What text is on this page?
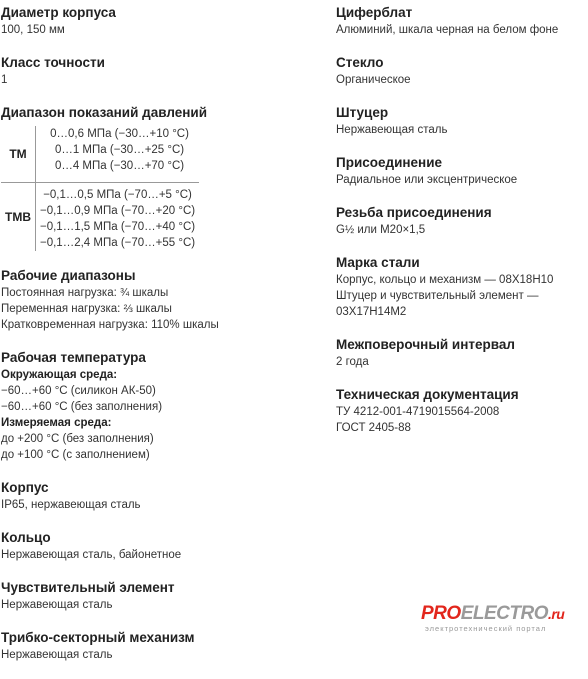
Диаметр корпуса
100, 150 мм
Класс точности
1
Диапазон показаний давлений
ТМ	0…0,6 МПа (−30…+10 °С)
0…1 МПа (−30…+25 °С)
0…4 МПа (−30…+70 °С)

ТМВ	−0,1…0,5 МПа (−70…+5 °С)
−0,1…0,9 МПа (−70…+20 °С)
−0,1…1,5 МПа (−70…+40 °С)
−0,1…2,4 МПа (−70…+55 °С)
Рабочие диапазоны
Постоянная нагрузка: ¾ шкалы
Переменная нагрузка: ⅔ шкалы
Кратковременная нагрузка: 110% шкалы
Рабочая температура
Окружающая среда:
−60…+60 °С (силикон АК-50)
−60…+60 °С (без заполнения)
Измеряемая среда:
до +200 °С (без заполнения)
до +100 °С (с заполнением)
Корпус
IP65, нержавеющая сталь
Кольцо
Нержавеющая сталь, байонетное
Чувствительный элемент
Нержавеющая сталь
Трибко-секторный механизм
Нержавеющая сталь
Циферблат
Алюминий, шкала черная на белом фоне
Стекло
Органическое
Штуцер
Нержавеющая сталь
Присоединение
Радиальное или эксцентрическое
Резьба присоединения
G½ или М20×1,5
Марка стали
Корпус, кольцо и механизм — 08Х18Н10
Штуцер и чувствительный элемент —
03Х17Н14М2
Межповерочный интервал
2 года
Техническая документация
ТУ 4212-001-4719015564-2008
ГОСТ 2405-88
PROELECTRO.ru
электротехнический портал
